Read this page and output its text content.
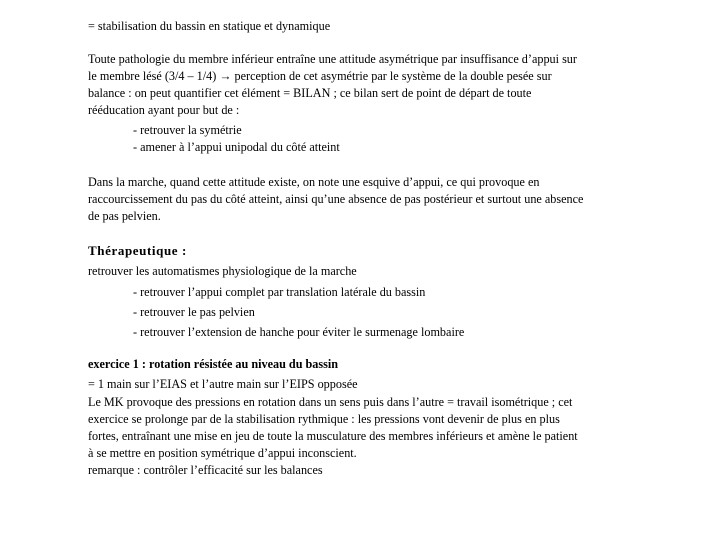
= stabilisation du bassin en statique et dynamique
Toute pathologie du membre inférieur entraîne une attitude asymétrique par insuffisance d’appui sur
le membre lésé (3/4 – 1/4) → perception de cet asymétrie par le système de la double pesée sur
balance : on peut quantifier cet élément = BILAN ; ce bilan sert de point de départ de toute
rééducation ayant pour but de :
- retrouver la symétrie
- amener à l’appui unipodal du côté atteint
Dans la marche, quand cette attitude existe, on note une esquive d’appui, ce qui provoque en
raccourcissement du pas du côté atteint, ainsi qu’une absence de pas postérieur et surtout une absence
de pas pelvien.
Thérapeutique :
retrouver les automatismes physiologique de la marche
- retrouver l’appui complet par translation latérale du bassin
- retrouver le pas pelvien
- retrouver l’extension de hanche pour éviter le surmenage lombaire
exercice 1 : rotation résistée au niveau du bassin
= 1 main sur l’EIAS et l’autre main sur l’EIPS opposée
Le MK provoque des pressions en rotation dans un sens puis dans l’autre = travail isométrique ; cet
exercice se prolonge par de la stabilisation rythmique : les pressions vont devenir de plus en plus
fortes, entraînant une mise en jeu de toute la musculature des membres inférieurs et amène le patient
à se mettre en position symétrique d’appui inconscient.
remarque : contrôler l’efficacité sur les balances
